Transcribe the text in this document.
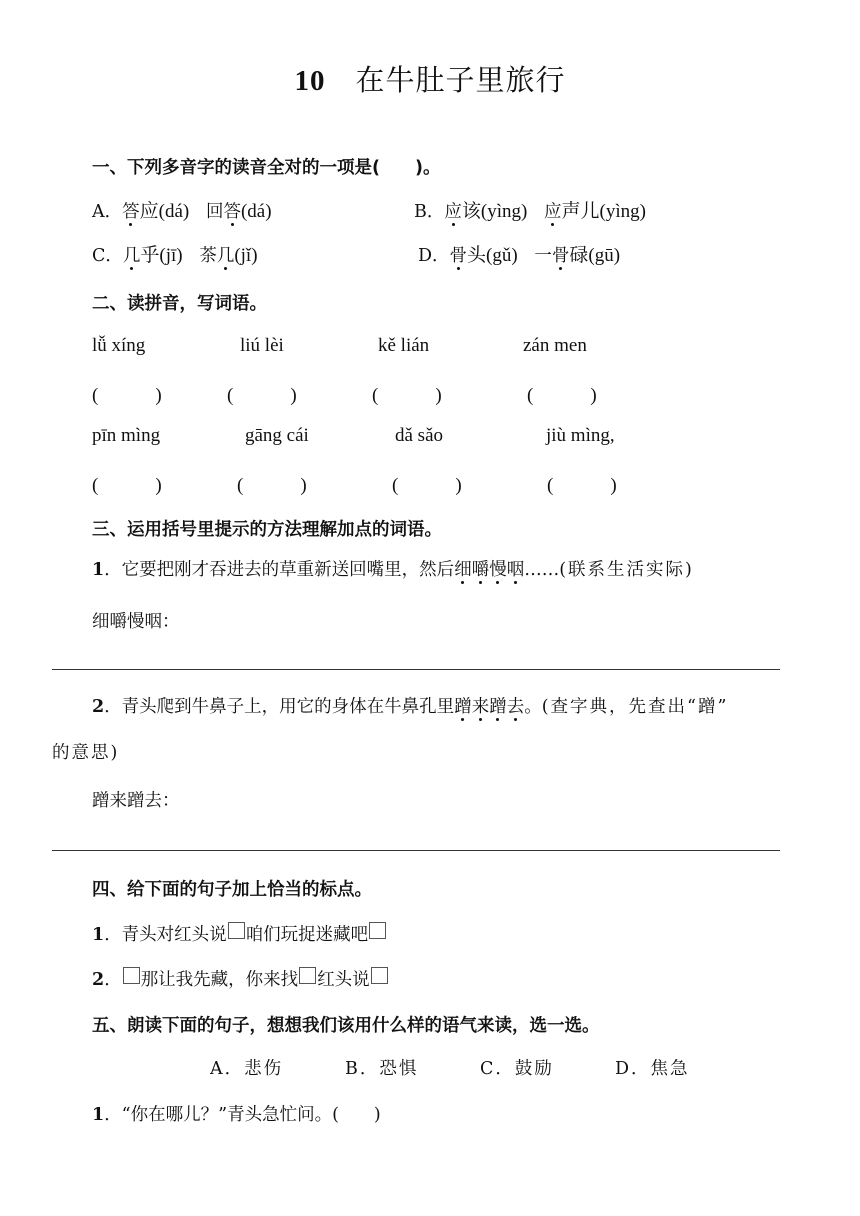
10 在牛肚子里旅行
一、下列多音字的读音全对的一项是(　　)。
A．答应(dá) 回答(dá)	B．应该(yìng) 应声儿(yìng)
C．几乎(jī) 茶几(jǐ)	D．骨头(gǔ) 一骨碌(gū)
二、读拼音，写词语。
lǚ xíng	liú lèi	kě lián	zán men
(　　　)	(　　　)	(　　　)	(　　　)
pīn mìng	gāng cái	dǎ sǎo	jiù mìng,
(　　　)	(　　　)	(　　　)	(　　　)
三、运用括号里提示的方法理解加点的词语。
1．它要把刚才吞进去的草重新送回嘴里，然后细嚼慢咽……(联系生活实际)
细嚼慢咽：
2．青头爬到牛鼻子上，用它的身体在牛鼻孔里蹭来蹭去。(查字典，先查出“蹭”
的意思)
蹭来蹭去：
四、给下面的句子加上恰当的标点。
1．青头对红头说 咱们玩捉迷藏吧
2． 那让我先藏，你来找 红头说
五、朗读下面的句子，想想我们该用什么样的语气来读，选一选。
A．悲伤	B．恐惧	C．鼓励	D．焦急
1．“你在哪儿？”青头急忙问。(　　)
